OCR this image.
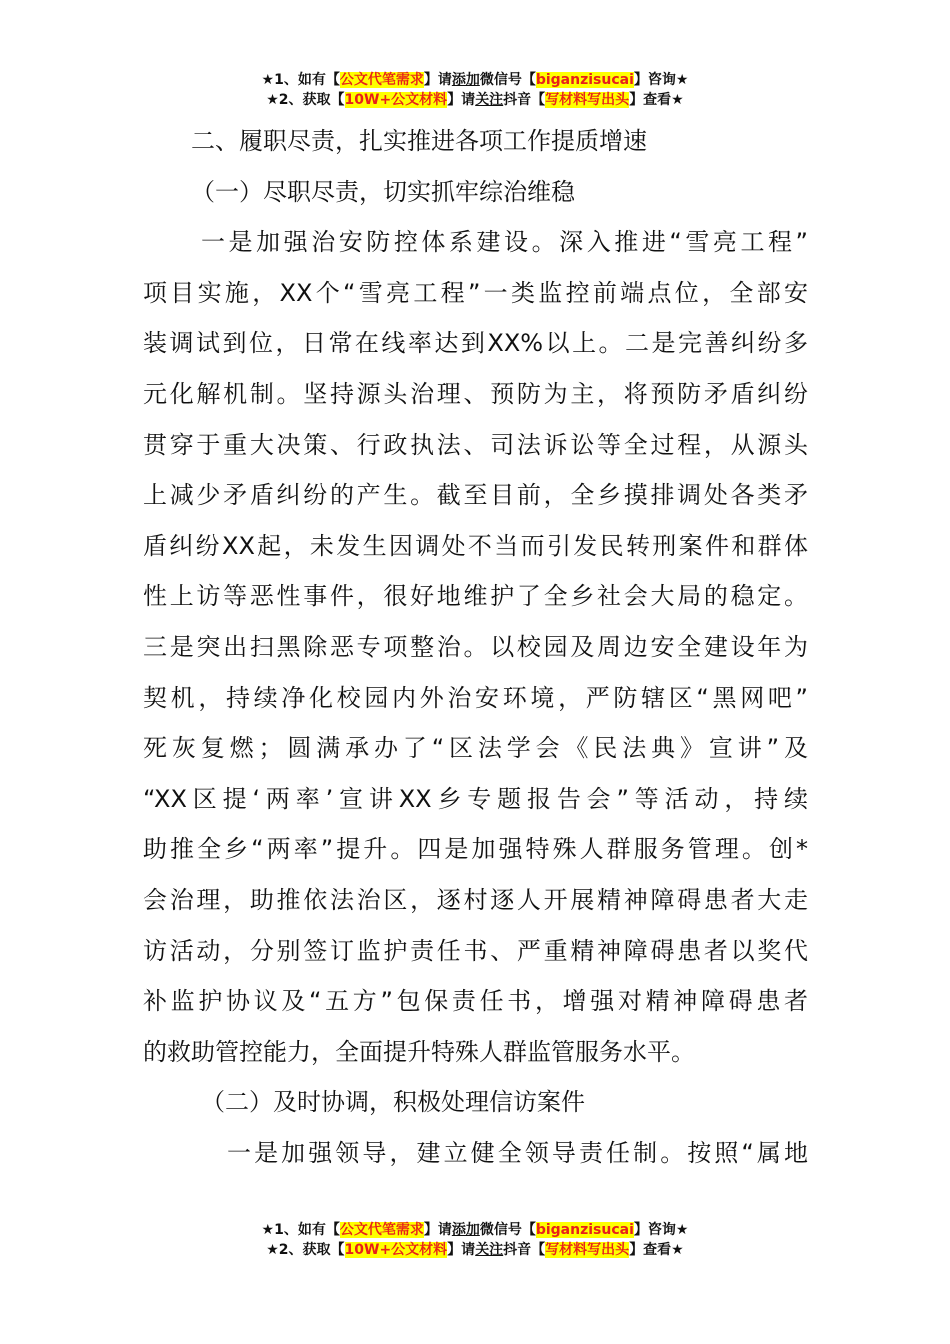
★1、如有【公文代笔需求】请添加微信号【biganzisucai】咨询★
★2、获取【10W+公文材料】请关注抖音【写材料写出头】查看★

二、履职尽责，扎实推进各项工作提质增速

（一）尽职尽责，切实抓牢综治维稳

一是加强治安防控体系建设。深入推进“雪亮工程”

项目实施，XX个“雪亮工程”一类监控前端点位，全部安

装调试到位，日常在线率达到XX%以上。二是完善纠纷多

元化解机制。坚持源头治理、预防为主，将预防矛盾纠纷

贯穿于重大决策、行政执法、司法诉讼等全过程，从源头

上减少矛盾纠纷的产生。截至目前，全乡摸排调处各类矛

盾纠纷XX起，未发生因调处不当而引发民转刑案件和群体

性上访等恶性事件，很好地维护了全乡社会大局的稳定。

三是突出扫黑除恶专项整治。以校园及周边安全建设年为

契机，持续净化校园内外治安环境，严防辖区“黑网吧”

死灰复燃；圆满承办了“区法学会《民法典》宣讲”及

“XX区提‘两率’宣讲XX乡专题报告会”等活动，持续

助推全乡“两率”提升。四是加强特殊人群服务管理。创*

会治理，助推依法治区，逐村逐人开展精神障碍患者大走

访活动，分别签订监护责任书、严重精神障碍患者以奖代

补监护协议及“五方”包保责任书，增强对精神障碍患者

的救助管控能力，全面提升特殊人群监管服务水平。

（二）及时协调，积极处理信访案件

一是加强领导，建立健全领导责任制。按照“属地

★1、如有【公文代笔需求】请添加微信号【biganzisucai】咨询★
★2、获取【10W+公文材料】请关注抖音【写材料写出头】查看★
